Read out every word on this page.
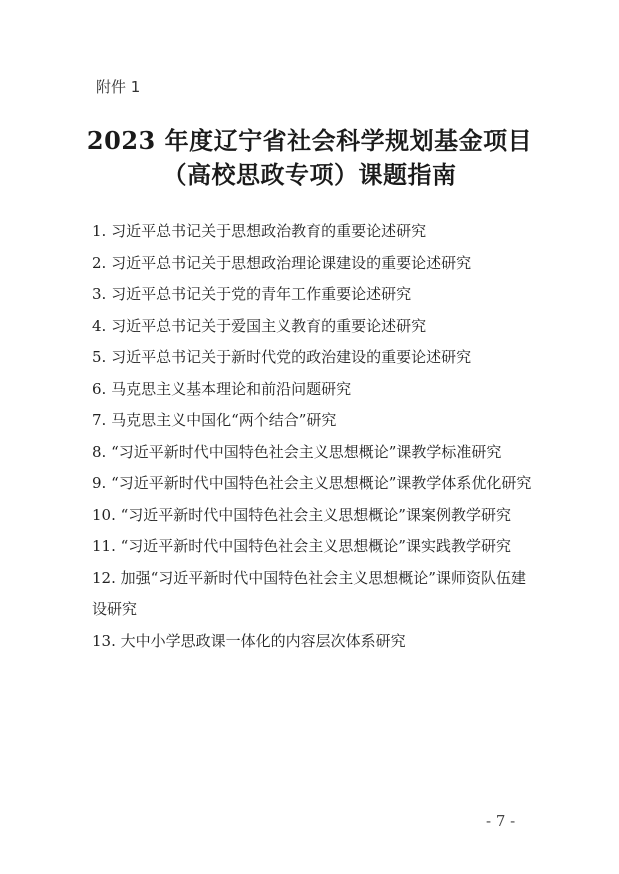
附件 1
2023 年度辽宁省社会科学规划基金项目
（高校思政专项）课题指南
1. 习近平总书记关于思想政治教育的重要论述研究
2. 习近平总书记关于思想政治理论课建设的重要论述研究
3. 习近平总书记关于党的青年工作重要论述研究
4. 习近平总书记关于爱国主义教育的重要论述研究
5. 习近平总书记关于新时代党的政治建设的重要论述研究
6. 马克思主义基本理论和前沿问题研究
7. 马克思主义中国化“两个结合”研究
8. “习近平新时代中国特色社会主义思想概论”课教学标准研究
9. “习近平新时代中国特色社会主义思想概论”课教学体系优化研究
10. “习近平新时代中国特色社会主义思想概论”课案例教学研究
11. “习近平新时代中国特色社会主义思想概论”课实践教学研究
12. 加强“习近平新时代中国特色社会主义思想概论”课师资队伍建设研究
13. 大中小学思政课一体化的内容层次体系研究
- 7 -
